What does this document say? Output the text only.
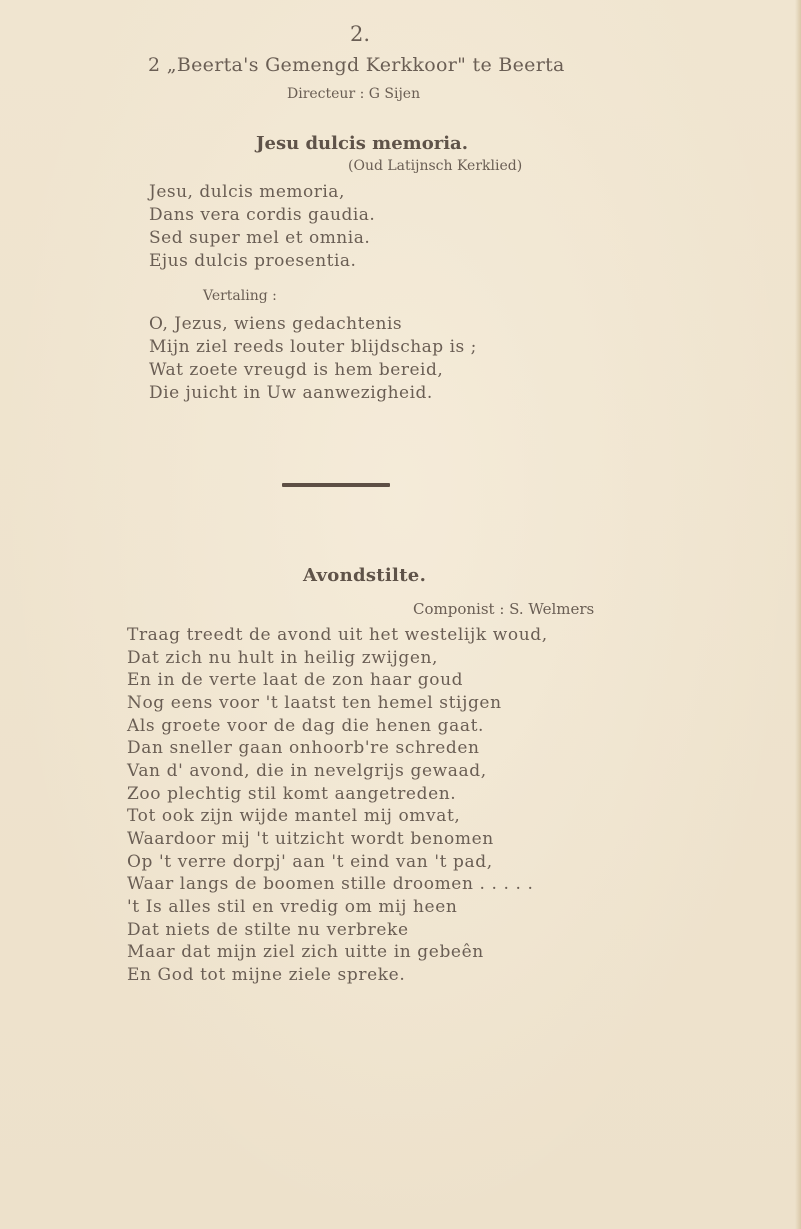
2.
2 „Beerta's Gemengd Kerkkoor" te Beerta
Directeur : G Sijen
Jesu dulcis memoria.
(Oud Latijnsch Kerklied)
Jesu, dulcis memoria,
Dans vera cordis gaudia.
Sed super mel et omnia.
Ejus dulcis proesentia.
Vertaling :
O, Jezus, wiens gedachtenis
Mijn ziel reeds louter blijdschap is ;
Wat zoete vreugd is hem bereid,
Die juicht in Uw aanwezigheid.
Avondstilte.
Componist : S. Welmers
Traag treedt de avond uit het westelijk woud,
Dat zich nu hult in heilig zwijgen,
En in de verte laat de zon haar goud
Nog eens voor 't laatst ten hemel stijgen
Als groete voor de dag die henen gaat.
Dan sneller gaan onhoorb're schreden
Van d' avond, die in nevelgrijs gewaad,
Zoo plechtig stil komt aangetreden.
Tot ook zijn wijde mantel mij omvat,
Waardoor mij 't uitzicht wordt benomen
Op 't verre dorpj' aan 't eind van 't pad,
Waar langs de boomen stille droomen . . . . .
't Is alles stil en vredig om mij heen
Dat niets de stilte nu verbreke
Maar dat mijn ziel zich uitte in gebeên
En God tot mijne ziele spreke.
